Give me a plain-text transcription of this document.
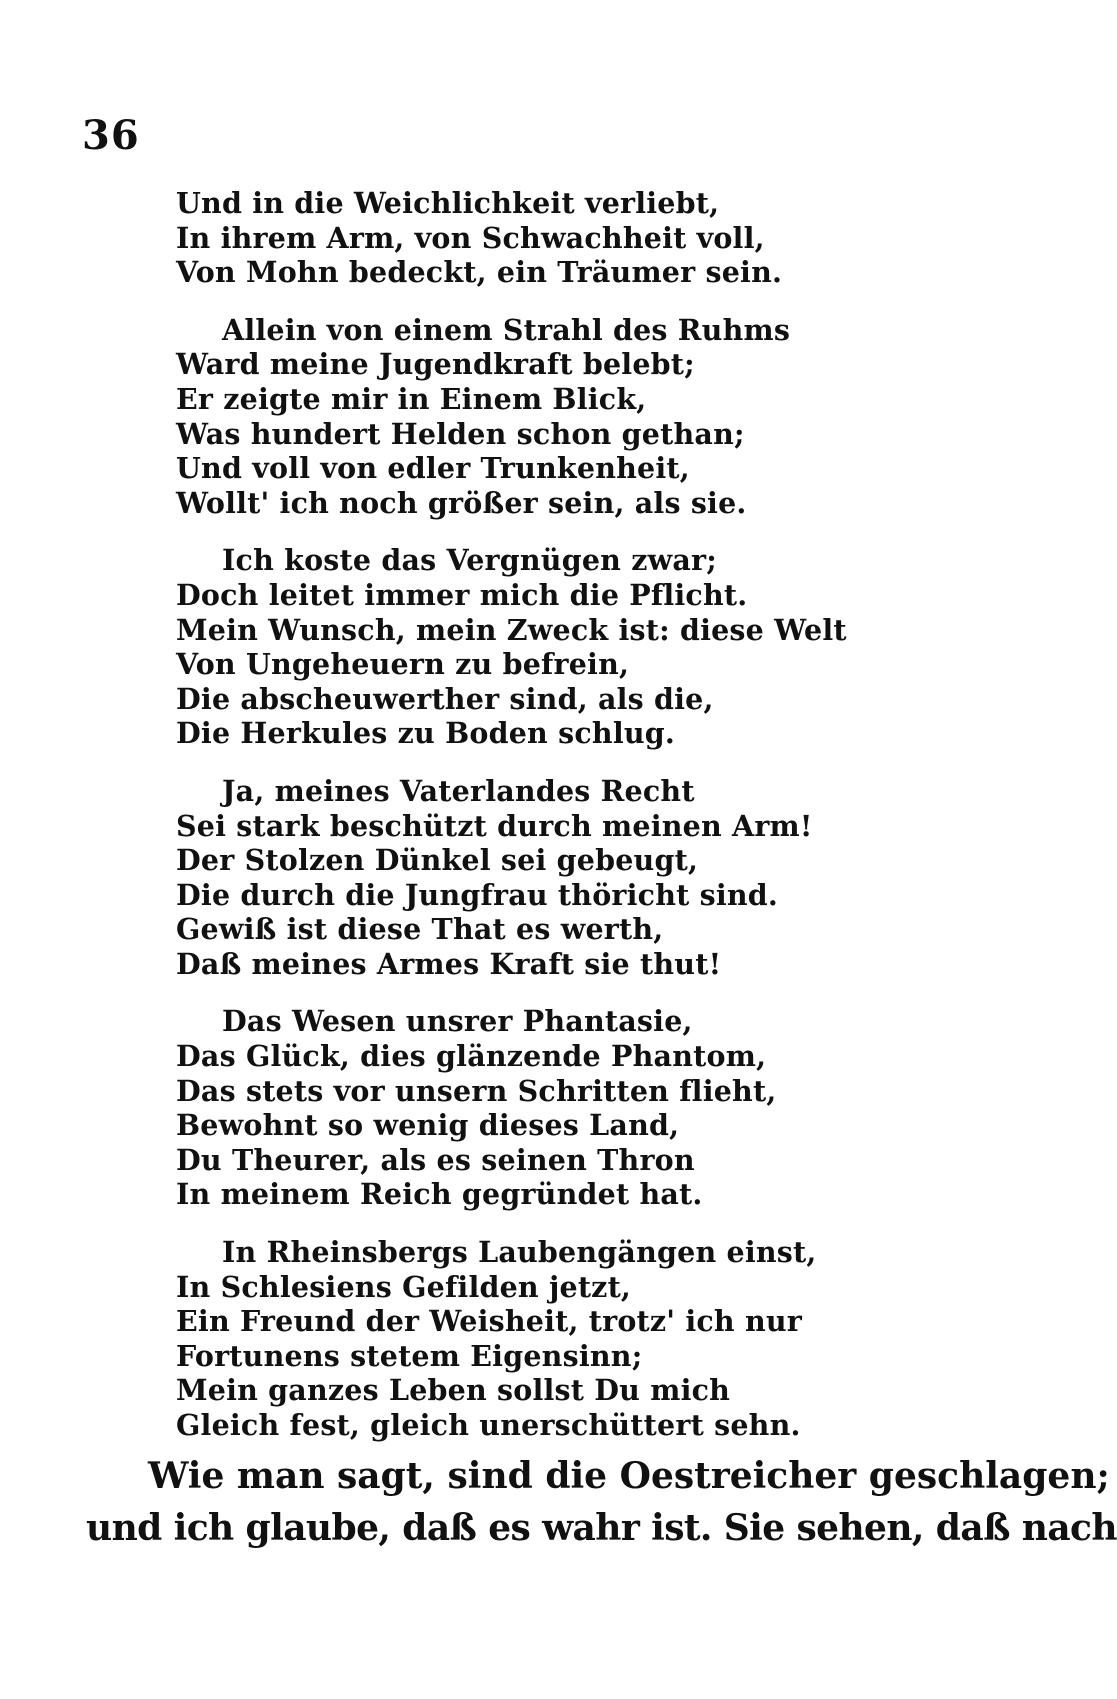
36
Und in die Weichlichkeit verliebt,
In ihrem Arm, von Schwachheit voll,
Von Mohn bedeckt, ein Träumer sein.
Allein von einem Strahl des Ruhms
Ward meine Jugendkraft belebt;
Er zeigte mir in Einem Blick,
Was hundert Helden schon gethan;
Und voll von edler Trunkenheit,
Wollt' ich noch größer sein, als sie.
Ich koste das Vergnügen zwar;
Doch leitet immer mich die Pflicht.
Mein Wunsch, mein Zweck ist: diese Welt
Von Ungeheuern zu befrein,
Die abscheuwerther sind, als die,
Die Herkules zu Boden schlug.
Ja, meines Vaterlandes Recht
Sei stark beschützt durch meinen Arm!
Der Stolzen Dünkel sei gebeugt,
Die durch die Jungfrau thöricht sind.
Gewiß ist diese That es werth,
Daß meines Armes Kraft sie thut!
Das Wesen unsrer Phantasie,
Das Glück, dies glänzende Phantom,
Das stets vor unsern Schritten flieht,
Bewohnt so wenig dieses Land,
Du Theurer, als es seinen Thron
In meinem Reich gegründet hat.
In Rheinsbergs Laubengängen einst,
In Schlesiens Gefilden jetzt,
Ein Freund der Weisheit, trotz' ich nur
Fortunens stetem Eigensinn;
Mein ganzes Leben sollst Du mich
Gleich fest, gleich unerschüttert sehn.
Wie man sagt, sind die Oestreicher geschlagen;
und ich glaube, daß es wahr ist. Sie sehen, daß nach
